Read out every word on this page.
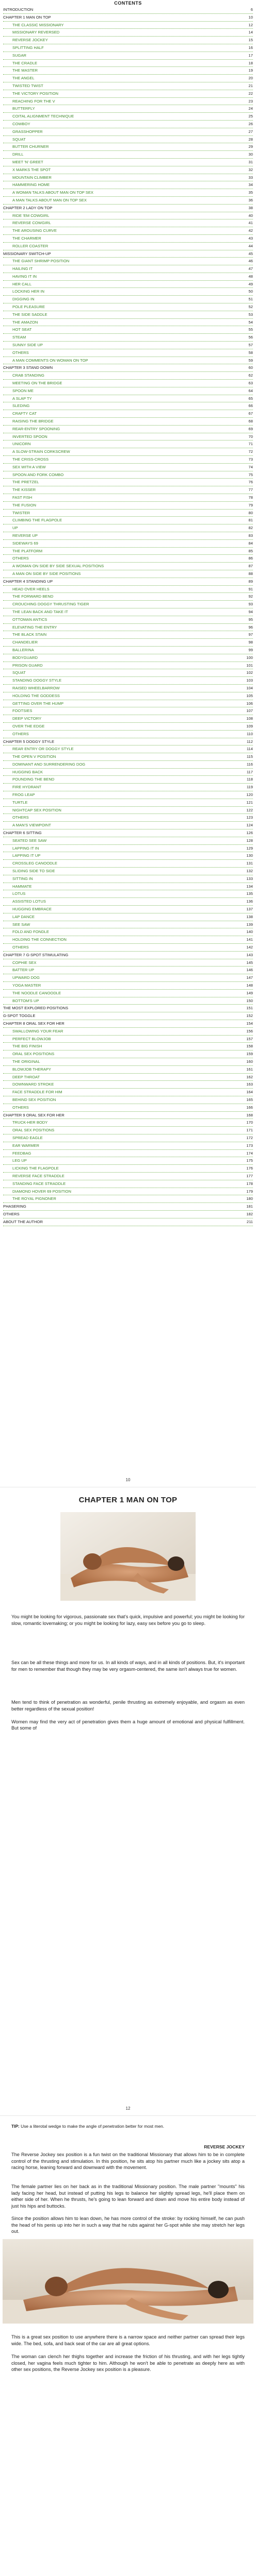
CONTENTS
INTRODUCTION	6
CHAPTER 1 MAN ON TOP	10
THE CLASSIC MISSIONARY	12
MISSIONARY REVERSED	14
REVERSE JOCKEY	15
SPLITTING HALF	16
SUGAR	17
THE CRADLE	18
THE MASTER	19
THE ANGEL	20
TWISTED TWIST	21
THE VICTORY POSITION	22
REACHING FOR THE V	23
BUTTERFLY	24
COITAL ALIGNMENT TECHNIQUE	25
COWBOY	26
GRASSHOPPER	27
SQUAT	28
BUTTER CHURNER	29
DRILL	30
MEET 'N' GREET	31
X MARKS THE SPOT	32
MOUNTAIN CLIMBER	33
HAMMERING HOME	34
A WOMAN TALKS ABOUT MAN ON TOP SEX	35
A MAN TALKS ABOUT MAN ON TOP SEX	36
CHAPTER 2 LADY ON TOP	38
RIDE 'EM COWGIRL	40
REVERSE COWGIRL	41
THE AROUSING CURVE	42
THE CHARMER	43
ROLLER COASTER	44
MISSIONARY SWITCH-UP	45
THE GIANT SHRIMP POSITION	46
HAILING IT	47
HAVING IT IN	48
HER CALL	49
LOCKING HER IN	50
DIGGING IN	51
POLE PLEASURE	52
THE SIDE SADDLE	53
THE AMAZON	54
HOT SEAT	55
STEAM	56
SUNNY SIDE UP	57
OTHERS	58
A MAN COMMENTS ON WOMAN ON TOP	59
CHAPTER 3 STAND DOWN	60
CRAB STANDING	62
MEETING ON THE BRIDGE	63
SPOON ME	64
A SLAP TY	65
SLEDING	66
CRAFTY CAT	67
RAISING THE BRIDGE	68
REAR-ENTRY SPOONING	69
INVERTED SPOON	70
UNICORN	71
A SLOW-STRAIN CORKSCREW	72
THE CRISS-CROSS	73
SEX WITH A VIEW	74
SPOON AND FORK COMBO	75
THE PRETZEL	76
THE KISSER	77
FAST FISH	78
THE FUSION	79
TWISTER	80
CLIMBING THE FLAGPOLE	81
UP	82
REVERSE UP	83
SIDEWAYS 69	84
THE PLATFORM	85
OTHERS	86
A WOMAN ON SIDE BY SIDE SEXUAL POSITIONS	87
A MAN ON SIDE BY SIDE POSITIONS	88
CHAPTER 4 STANDING UP	89
HEAD OVER HEELS	91
THE FORWARD BEND	92
CROUCHING DOGGY THRUSTING TIGER	93
THE LEAN BACK AND TAKE IT	94
OTTOMAN ANTICS	95
ELEVATING THE ENTRY	96
THE BLACK STAIN	97
CHANDELIER	98
BALLERINA	99
BODYGUARD	100
PRISON GUARD	101
SQUAT	102
STANDING DOGGY STYLE	103
RAISED WHEELBARROW	104
HOLDING THE GODDESS	105
GETTING OVER THE HUMP	106
FOOTSIES	107
DEEP VICTORY	108
OVER THE EDGE	109
OTHERS	110
CHAPTER 5 DOGGY STYLE	112
REAR ENTRY OR DOGGY STYLE	114
THE OPEN V POSITION	115
DOMINANT AND SURRENDERING DOG	116
HUGGING BACK	117
POUNDING THE BEND	118
FIRE HYDRANT	119
FROG LEAP	120
TURTLE	121
NIGHTCAP SEX POSITION	122
OTHERS	123
A MAN'S VIEWPOINT	124
CHAPTER 6 SITTING	126
SEATED SEE SAW	128
LAPPING IT IN	129
LAPPING IT UP	130
CROSSLEG CANOODLE	131
SLIDING SIDE TO SIDE	132
SITTING IN	133
HAMMATE	134
LOTUS	135
ASSISTED LOTUS	136
HUGGING EMBRACE	137
LAP DANCE	138
SEE SAW	139
FOLD AND FONDLE	140
HOLDING THE CONNECTION	141
OTHERS	142
CHAPTER 7 G-SPOT STIMULATING	143
COPHIE SEX	145
BATTER UP	146
UPWARD DOG	147
YOGA MASTER	148
THE NOODLE CANOODLE	149
BOTTOM'S UP	150
THE MOST EXPLORED POSITIONS	151
G-SPOT TOGGLE	152
CHAPTER 8 ORAL SEX FOR HER	154
SWALLOWING YOUR FEAR	156
PERFECT BLOWJOB	157
THE BIG FINISH	158
ORAL SEX POSITIONS	159
THE ORIGINAL	160
BLOWJOB THERAPY	161
DEEP THROAT	162
DOWNWARD STROKE	163
FACE STRADDLE FOR HIM	164
BEHIND SEX POSITION	165
OTHERS	166
CHAPTER 9 ORAL SEX FOR HER	168
TRUCK-HER BODY	170
ORAL SEX POSITIONS	171
SPREAD EAGLE	172
EAR WARMER	173
FEEDBAG	174
LEG UP	175
LICKING THE FLAGPOLE	176
REVERSE FACE STRADDLE	177
STANDING FACE STRADDLE	178
DIAMOND HOVER 69 POSITION	179
THE ROYAL PIGNONER	180
PHASERING	181
OTHERS	182
ABOUT THE AUTHOR	211
10
CHAPTER 1 MAN ON TOP
You might be looking for vigorous, passionate sex that's quick, impulsive and powerful; you might be looking for slow, romantic lovemaking; or you might be looking for lazy, easy sex before you go to sleep.
Sex can be all these things and more for us. In all kinds of ways, and in all kinds of positions. But, it's important for men to remember that though they may be very orgasm-centered, the same isn't always true for women.
Men tend to think of penetration as wonderful, penile thrusting as extremely enjoyable, and orgasm as even better regardless of the sexual position!

Women may find the very act of penetration gives them a huge amount of emotional and physical fulfillment. But some of
12
TIP: Use a literotal wedge to make the angle of penetration better for most men.
REVERSE JOCKEY
The Reverse Jockey sex position is a fun twist on the traditional Missionary that allows him to be in complete control of the thrusting and stimulation. In this position, he sits atop his partner much like a jockey sits atop a racing horse, leaning forward and downward with the movement.
The female partner lies on her back as in the traditional Missionary position. The male partner "mounts" his lady facing her head, but instead of putting his legs to balance her slightly spread legs, he'll place them on either side of her. When he thrusts, he's going to lean forward and down and move his entire body instead of just his hips and buttocks.
Since the position allows him to lean down, he has more control of the stroke: by rocking himself, he can push the head of his penis up into her in such a way that he rubs against her G-spot while she may stretch her legs out.
This is a great sex position to use anywhere there is a narrow space and neither partner can spread their legs wide. The bed, sofa, and back seat of the car are all great options.
The woman can clench her thighs together and increase the friction of his thrusting, and with her legs tightly closed, her vagina feels much tighter to him. Although he won't be able to penetrate as deeply here as with other sex positions, the Reverse Jockey sex position is a pleasure.
